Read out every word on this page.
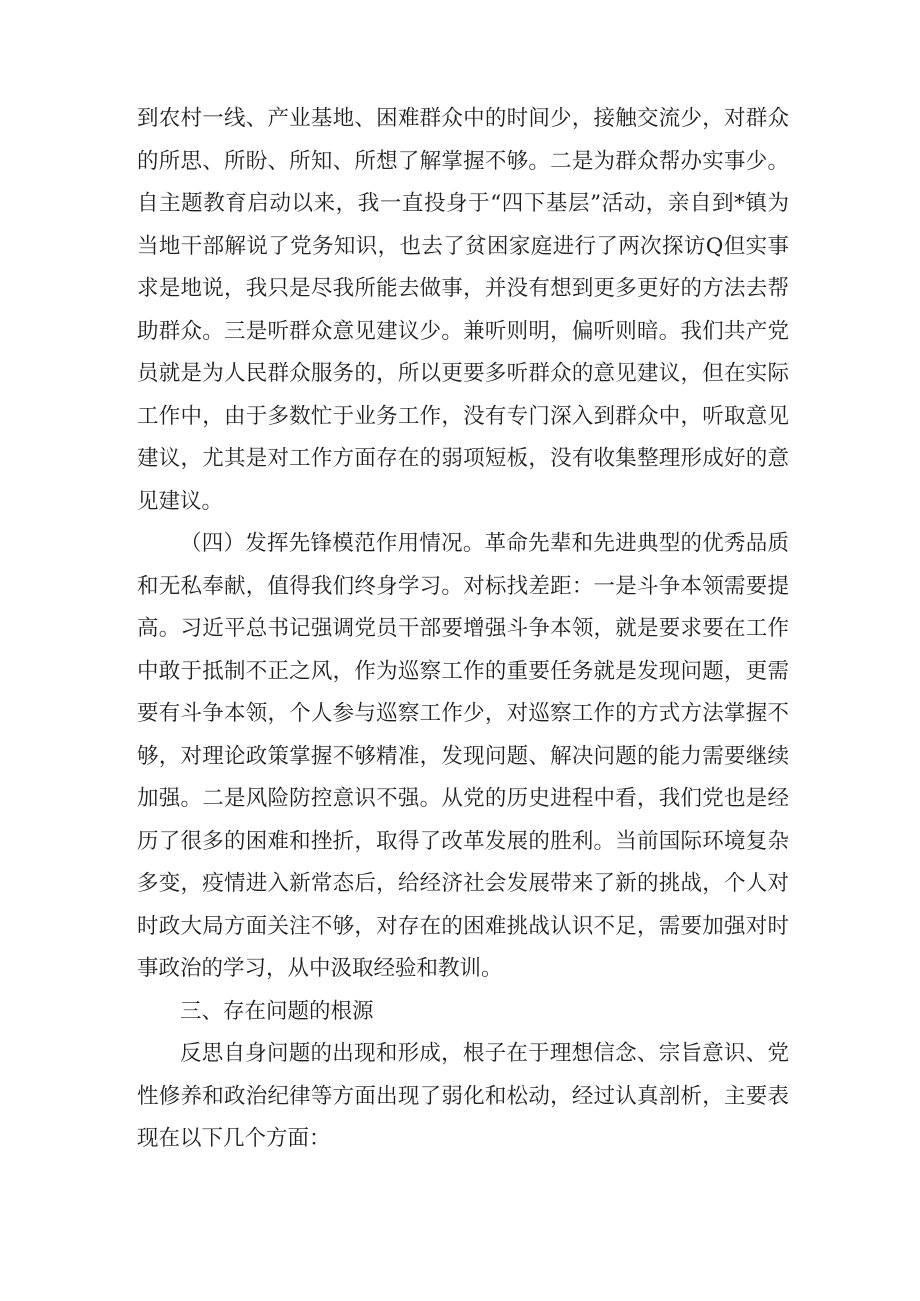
到农村一线、产业基地、困难群众中的时间少，接触交流少，对群众的所思、所盼、所知、所想了解掌握不够。二是为群众帮办实事少。自主题教育启动以来，我一直投身于“四下基层”活动，亲自到*镇为当地干部解说了党务知识，也去了贫困家庭进行了两次探访Q但实事求是地说，我只是尽我所能去做事，并没有想到更多更好的方法去帮助群众。三是听群众意见建议少。兼听则明，偏听则暗。我们共产党员就是为人民群众服务的，所以更要多听群众的意见建议，但在实际工作中，由于多数忙于业务工作，没有专门深入到群众中，听取意见建议，尤其是对工作方面存在的弱项短板，没有收集整理形成好的意见建议。

（四）发挥先锋模范作用情况。革命先辈和先进典型的优秀品质和无私奉献，值得我们终身学习。对标找差距：一是斗争本领需要提高。习近平总书记强调党员干部要增强斗争本领，就是要求要在工作中敢于抵制不正之风，作为巡察工作的重要任务就是发现问题，更需要有斗争本领，个人参与巡察工作少，对巡察工作的方式方法掌握不够，对理论政策掌握不够精准，发现问题、解决问题的能力需要继续加强。二是风险防控意识不强。从党的历史进程中看，我们党也是经历了很多的困难和挫折，取得了改革发展的胜利。当前国际环境复杂多变，疫情进入新常态后，给经济社会发展带来了新的挑战，个人对时政大局方面关注不够，对存在的困难挑战认识不足，需要加强对时事政治的学习，从中汲取经验和教训。

三、存在问题的根源

反思自身问题的出现和形成，根子在于理想信念、宗旨意识、党性修养和政治纪律等方面出现了弱化和松动，经过认真剖析，主要表现在以下几个方面：
